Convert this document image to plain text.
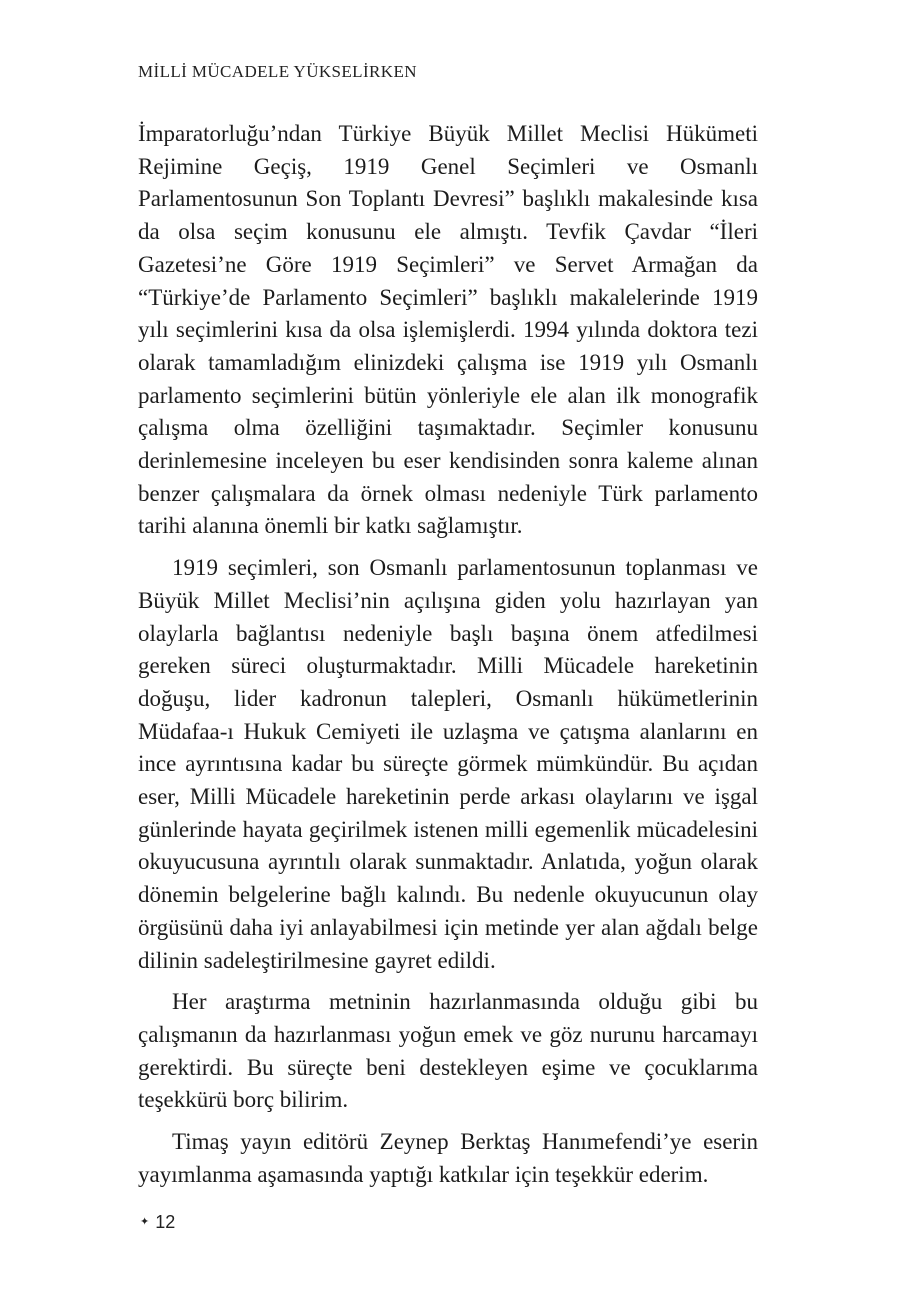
MİLLİ MÜCADELE YÜKSELİRKEN

İmparatorluğu’ndan Türkiye Büyük Millet Meclisi Hükümeti Rejimine Geçiş, 1919 Genel Seçimleri ve Osmanlı Parlamentosunun Son Toplantı Devresi” başlıklı makalesinde kısa da olsa seçim konusunu ele almıştı. Tevfik Çavdar “İleri Gazetesi’ne Göre 1919 Seçimleri” ve Servet Armağan da “Türkiye’de Parlamento Seçimleri” başlıklı makalelerinde 1919 yılı seçimlerini kısa da olsa işlemişlerdi. 1994 yılında doktora tezi olarak tamamladığım elinizdeki çalışma ise 1919 yılı Osmanlı parlamento seçimlerini bütün yönleriyle ele alan ilk monografik çalışma olma özelliğini taşımaktadır. Seçimler konusunu derinlemesine inceleyen bu eser kendisinden sonra kaleme alınan benzer çalışmalara da örnek olması nedeniyle Türk parlamento tarihi alanına önemli bir katkı sağlamıştır.

1919 seçimleri, son Osmanlı parlamentosunun toplanması ve Büyük Millet Meclisi’nin açılışına giden yolu hazırlayan yan olaylarla bağlantısı nedeniyle başlı başına önem atfedilmesi gereken süreci oluşturmaktadır. Milli Mücadele hareketinin doğuşu, lider kadronun talepleri, Osmanlı hükümetlerinin Müdafaa-ı Hukuk Cemiyeti ile uzlaşma ve çatışma alanlarını en ince ayrıntısına kadar bu süreçte görmek mümkündür. Bu açıdan eser, Milli Mücadele hareketinin perde arkası olaylarını ve işgal günlerinde hayata geçirilmek istenen milli egemenlik mücadelesini okuyucusuna ayrıntılı olarak sunmaktadır. Anlatıda, yoğun olarak dönemin belgelerine bağlı kalındı. Bu nedenle okuyucunun olay örgüsünü daha iyi anlayabilmesi için metinde yer alan ağdalı belge dilinin sadeleştirilmesine gayret edildi.

Her araştırma metninin hazırlanmasında olduğu gibi bu çalışmanın da hazırlanması yoğun emek ve göz nurunu harcamayı gerektirdi. Bu süreçte beni destekleyen eşime ve çocuklarıma teşekkürü borç bilirim.

Timaş yayın editörü Zeynep Berktaş Hanımefendi’ye eserin yayımlanma aşamasında yaptığı katkılar için teşekkür ederim.

✦ 12
